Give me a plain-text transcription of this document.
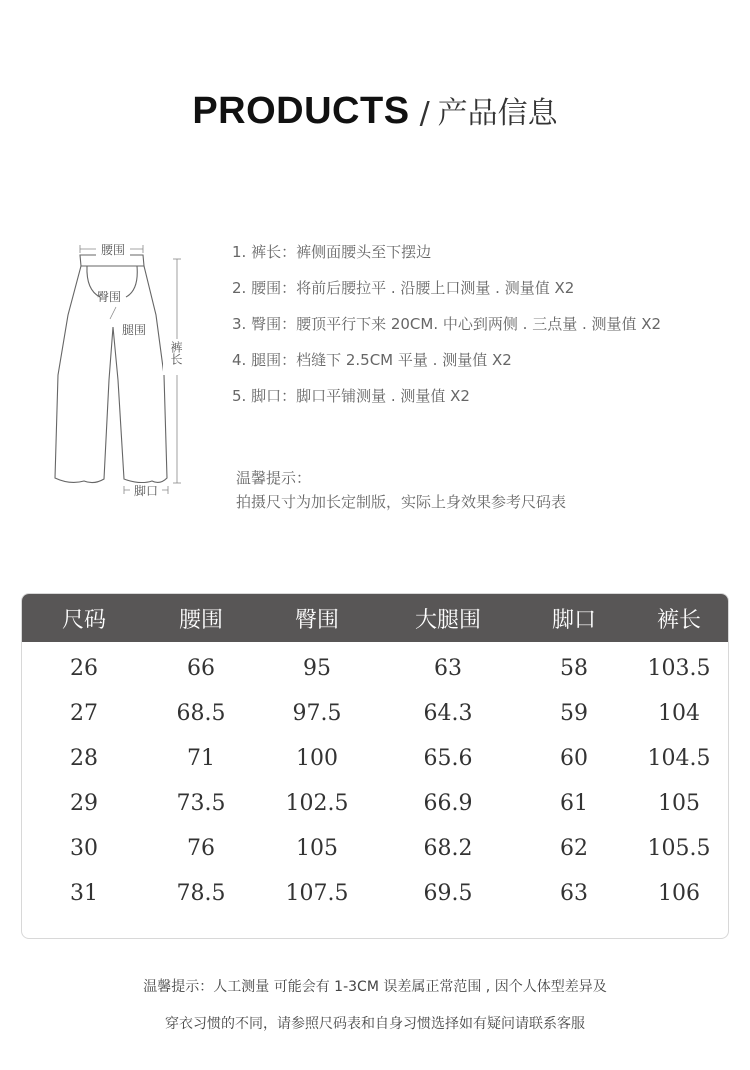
PRODUCTS / 产品信息
腰围
臀围
腿围
裤长
脚口
1. 裤长：裤侧面腰头至下摆边
2. 腰围：将前后腰拉平 . 沿腰上口测量 . 测量值 X2
3. 臀围：腰顶平行下来 20CM. 中心到两侧 . 三点量 . 测量值 X2
4. 腿围：档缝下 2.5CM 平量 . 测量值 X2
5. 脚口：脚口平铺测量 . 测量值 X2
温馨提示：
拍摄尺寸为加长定制版，实际上身效果参考尺码表
尺码	腰围	臀围	大腿围	脚口	裤长
26	66	95	63	58	103.5
27	68.5	97.5	64.3	59	104
28	71	100	65.6	60	104.5
29	73.5	102.5	66.9	61	105
30	76	105	68.2	62	105.5
31	78.5	107.5	69.5	63	106
温馨提示：人工测量 可能会有 1-3CM 误差属正常范围 , 因个人体型差异及
穿衣习惯的不同，请参照尺码表和自身习惯选择如有疑问请联系客服
